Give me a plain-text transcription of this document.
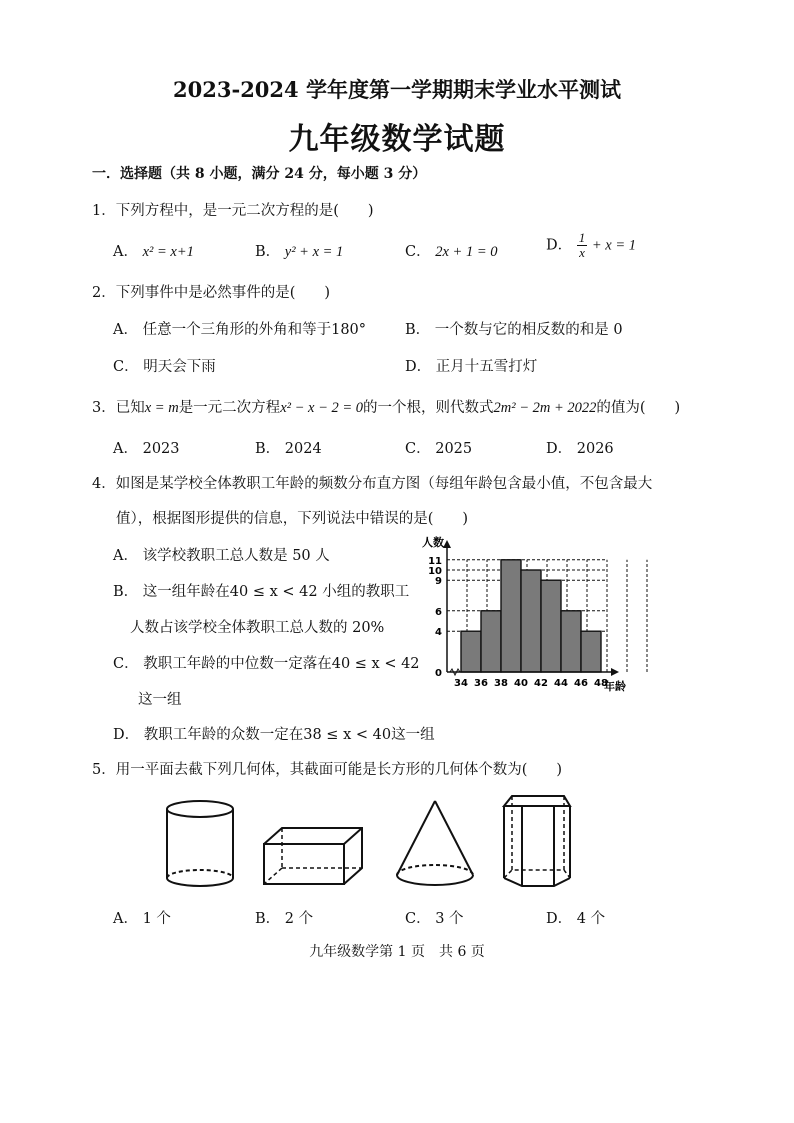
2023-2024 学年度第一学期期末学业水平测试
九年级数学试题
一．选择题（共 8 小题，满分 24 分，每小题 3 分）
1．下列方程中，是一元二次方程的是(　　)
A． x² = x+1	B． y² + x = 1	C． 2x + 1 = 0	D． $\frac{1}{x} + x = 1$
2．下列事件中是必然事件的是(　　)
A． 任意一个三角形的外角和等于180°	B． 一个数与它的相反数的和是 0
C． 明天会下雨	D． 正月十五雪打灯
3．已知x = m是一元二次方程x² − x − 2 = 0的一个根，则代数式2m² − 2m + 2022的值为(　　)
A． 2023	B． 2024	C． 2025	D． 2026
4．如图是某学校全体教职工年龄的频数分布直方图（每组年龄包含最小值，不包含最大
值），根据图形提供的信息，下列说法中错误的是(　　)
A． 该学校教职工总人数是 50 人
B． 这一组年龄在40 ≤ x < 42 小组的教职工
人数占该学校全体教职工总人数的 20%
C． 教职工年龄的中位数一定落在40 ≤ x < 42
这一组
D． 教职工年龄的众数一定在38 ≤ x < 40这一组
0
4
6
9
10
11
34 36 38 40 42 44 46 48
人数
年龄
5．用一平面去截下列几何体，其截面可能是长方形的几何体个数为(　　)
A． 1 个	B． 2 个	C． 3 个	D． 4 个
九年级数学第 1 页　共 6 页
